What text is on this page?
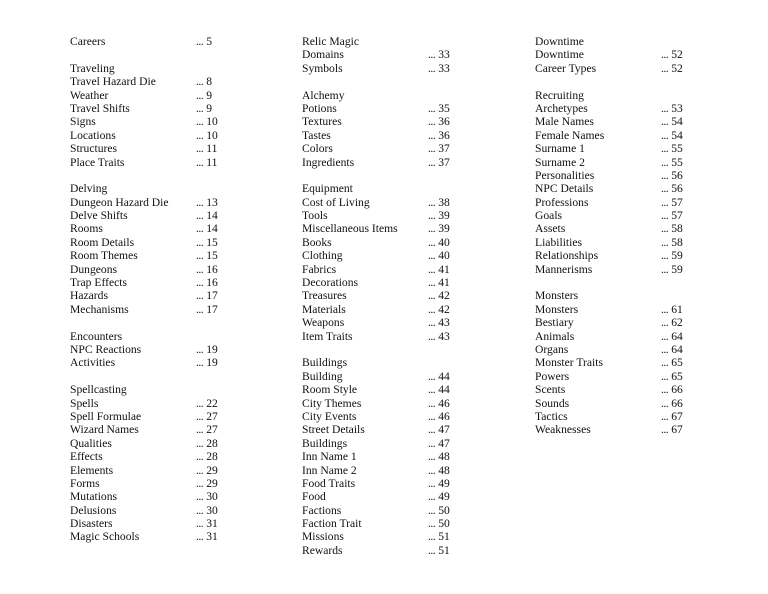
Careers	... 5
Traveling
Travel Hazard Die	... 8
Weather	... 9
Travel Shifts	... 9
Signs	... 10
Locations	... 10
Structures	... 11
Place Traits	... 11
Delving
Dungeon Hazard Die ... 13
Delve Shifts	... 14
Rooms	... 14
Room Details	... 15
Room Themes	... 15
Dungeons	... 16
Trap Effects	... 16
Hazards	... 17
Mechanisms	... 17
Encounters
NPC Reactions	... 19
Activities	... 19
Spellcasting
Spells	... 22
Spell Formulae	... 27
Wizard Names	... 27
Qualities	... 28
Effects	... 28
Elements	... 29
Forms	... 29
Mutations	... 30
Delusions	... 30
Disasters	... 31
Magic Schools	... 31
Relic Magic
Domains	... 33
Symbols	... 33
Alchemy
Potions	... 35
Textures	... 36
Tastes	... 36
Colors	... 37
Ingredients	... 37
Equipment
Cost of Living	... 38
Tools	... 39
Miscellaneous Items	... 39
Books	... 40
Clothing	... 40
Fabrics	... 41
Decorations	... 41
Treasures	... 42
Materials	... 42
Weapons	... 43
Item Traits	... 43
Buildings
Building	... 44
Room Style	... 44
City Themes	... 46
City Events	... 46
Street Details	... 47
Buildings	... 47
Inn Name 1	... 48
Inn Name 2	... 48
Food Traits	... 49
Food	... 49
Factions	... 50
Faction Trait	... 50
Missions	... 51
Rewards	... 51
Downtime
Downtime	... 52
Career Types	... 52
Recruiting
Archetypes	... 53
Male Names	... 54
Female Names	... 54
Surname 1	... 55
Surname 2	... 55
Personalities	... 56
NPC Details	... 56
Professions	... 57
Goals	... 57
Assets	... 58
Liabilities	... 58
Relationships	... 59
Mannerisms	... 59
Monsters
Monsters	... 61
Bestiary	... 62
Animals	... 64
Organs	... 64
Monster Traits	... 65
Powers	... 65
Scents	... 66
Sounds	... 66
Tactics	... 67
Weaknesses	... 67
